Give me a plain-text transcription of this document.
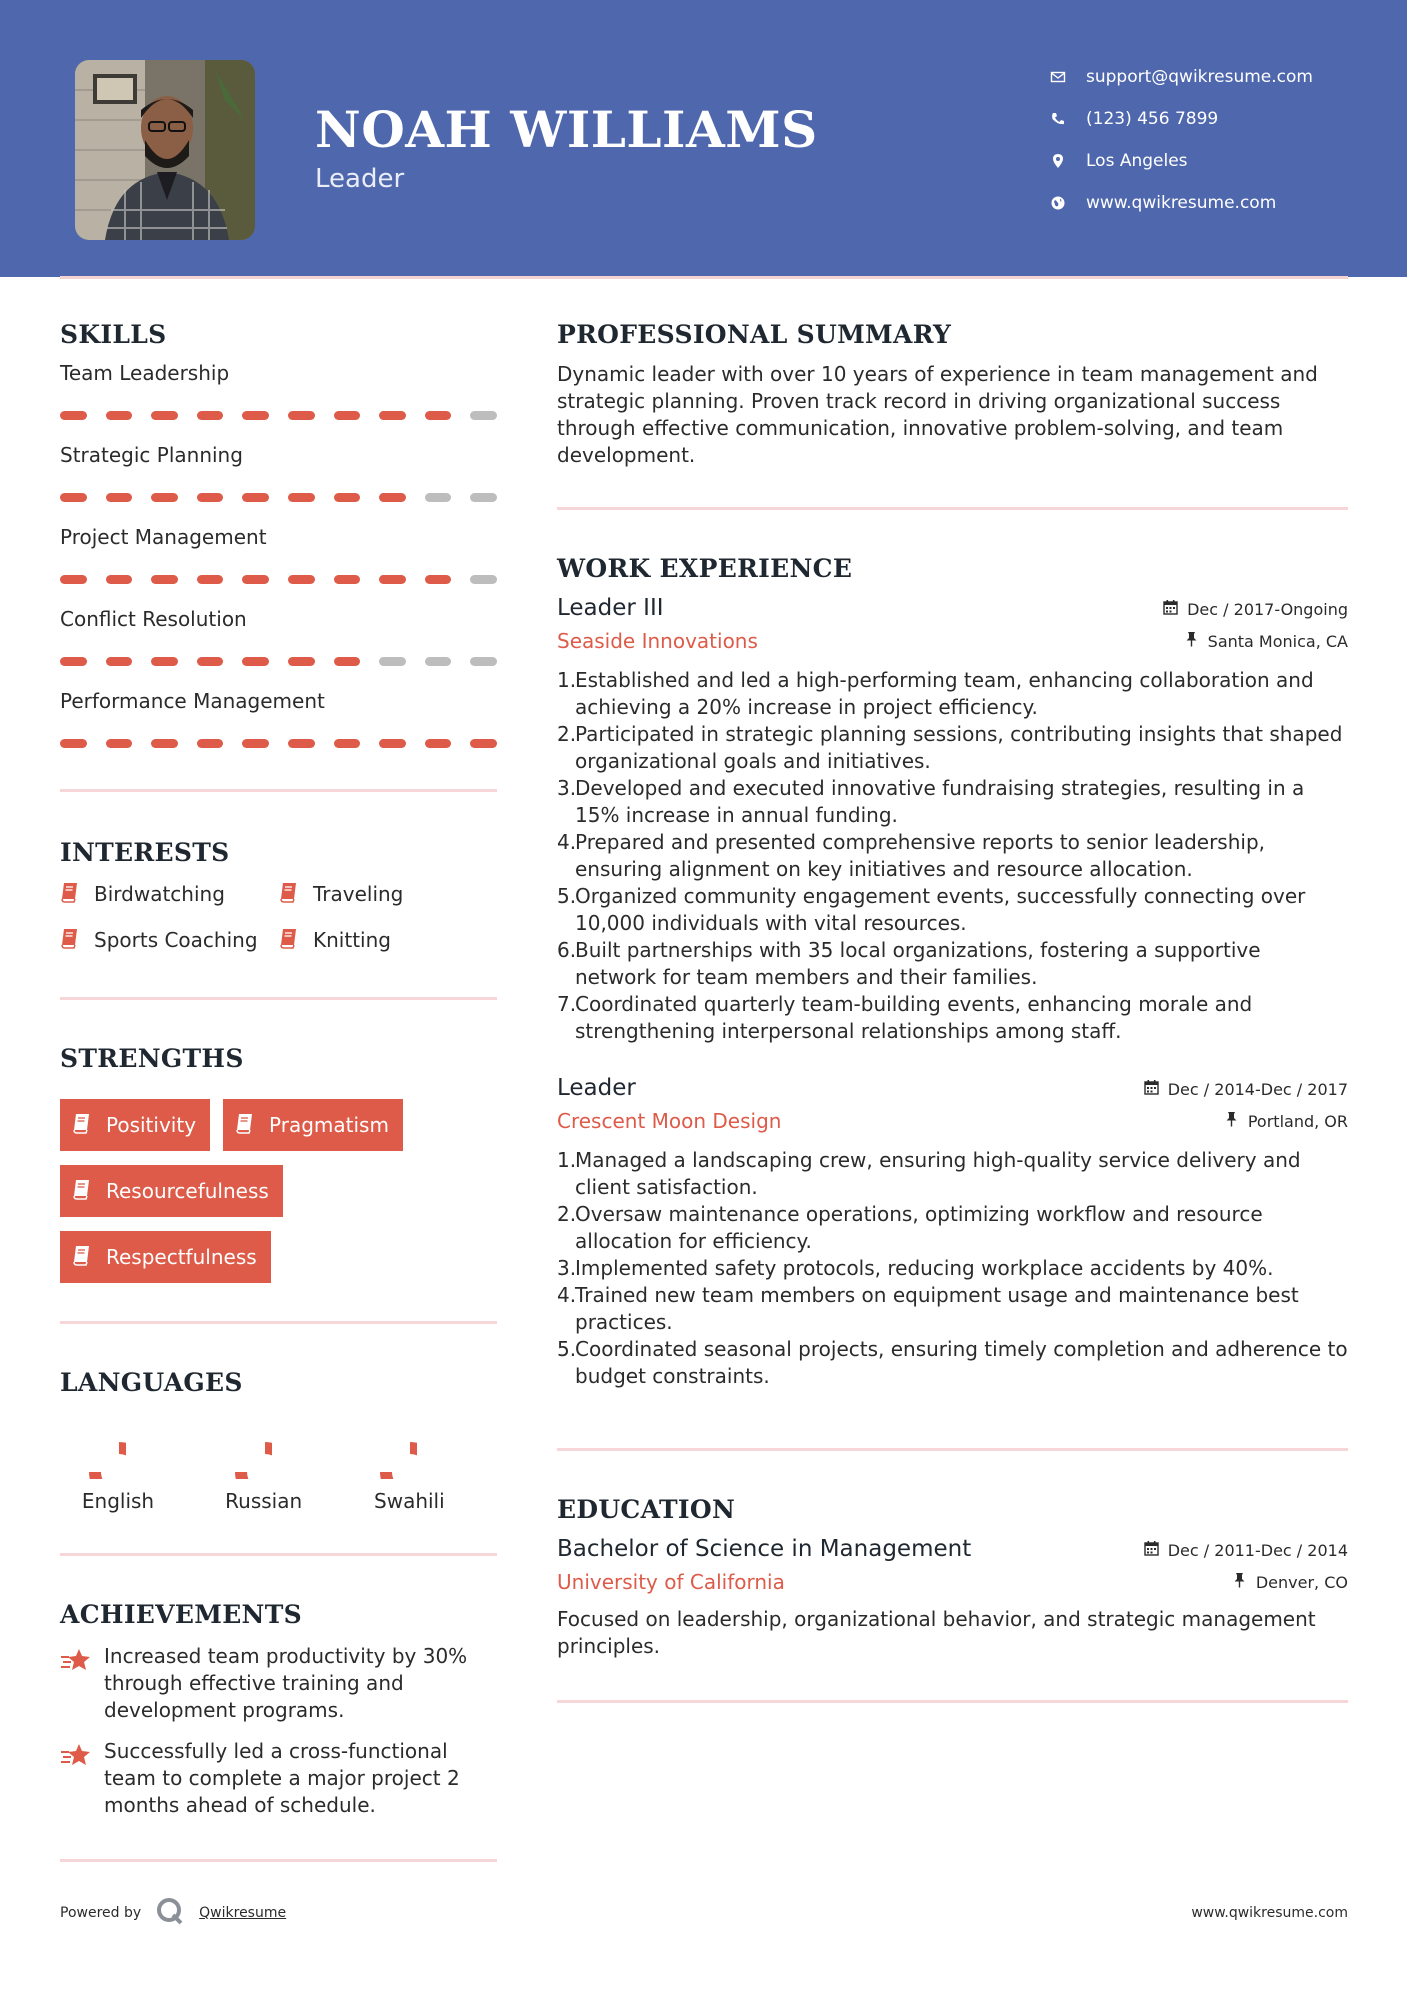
NOAH WILLIAMS
Leader
support@qwikresume.com
(123) 456 7899
Los Angeles
www.qwikresume.com
SKILLS
Team Leadership
Strategic Planning
Project Management
Conflict Resolution
Performance Management
INTERESTS
Birdwatching	Traveling
Sports Coaching	Knitting
STRENGTHS
Positivity	Pragmatism
Resourcefulness
Respectfulness
LANGUAGES
English	Russian	Swahili
ACHIEVEMENTS
Increased team productivity by 30% through effective training and development programs.
Successfully led a cross-functional team to complete a major project 2 months ahead of schedule.
PROFESSIONAL SUMMARY
Dynamic leader with over 10 years of experience in team management and strategic planning. Proven track record in driving organizational success through effective communication, innovative problem-solving, and team development.
WORK EXPERIENCE
Leader III	Dec / 2017-Ongoing
Seaside Innovations	Santa Monica, CA
1.
Established and led a high-performing team, enhancing collaboration and achieving a 20% increase in project efficiency.
2.
Participated in strategic planning sessions, contributing insights that shaped organizational goals and initiatives.
3.
Developed and executed innovative fundraising strategies, resulting in a 15% increase in annual funding.
4.
Prepared and presented comprehensive reports to senior leadership, ensuring alignment on key initiatives and resource allocation.
5.
Organized community engagement events, successfully connecting over 10,000 individuals with vital resources.
6.
Built partnerships with 35 local organizations, fostering a supportive network for team members and their families.
7.
Coordinated quarterly team-building events, enhancing morale and strengthening interpersonal relationships among staff.
Leader	Dec / 2014-Dec / 2017
Crescent Moon Design	Portland, OR
1.
Managed a landscaping crew, ensuring high-quality service delivery and client satisfaction.
2.
Oversaw maintenance operations, optimizing workflow and resource allocation for efficiency.
3.
Implemented safety protocols, reducing workplace accidents by 40%.
4.
Trained new team members on equipment usage and maintenance best practices.
5.
Coordinated seasonal projects, ensuring timely completion and adherence to budget constraints.
EDUCATION
Bachelor of Science in Management	Dec / 2011-Dec / 2014
University of California	Denver, CO
Focused on leadership, organizational behavior, and strategic management principles.
Powered by	Qwikresume	www.qwikresume.com
